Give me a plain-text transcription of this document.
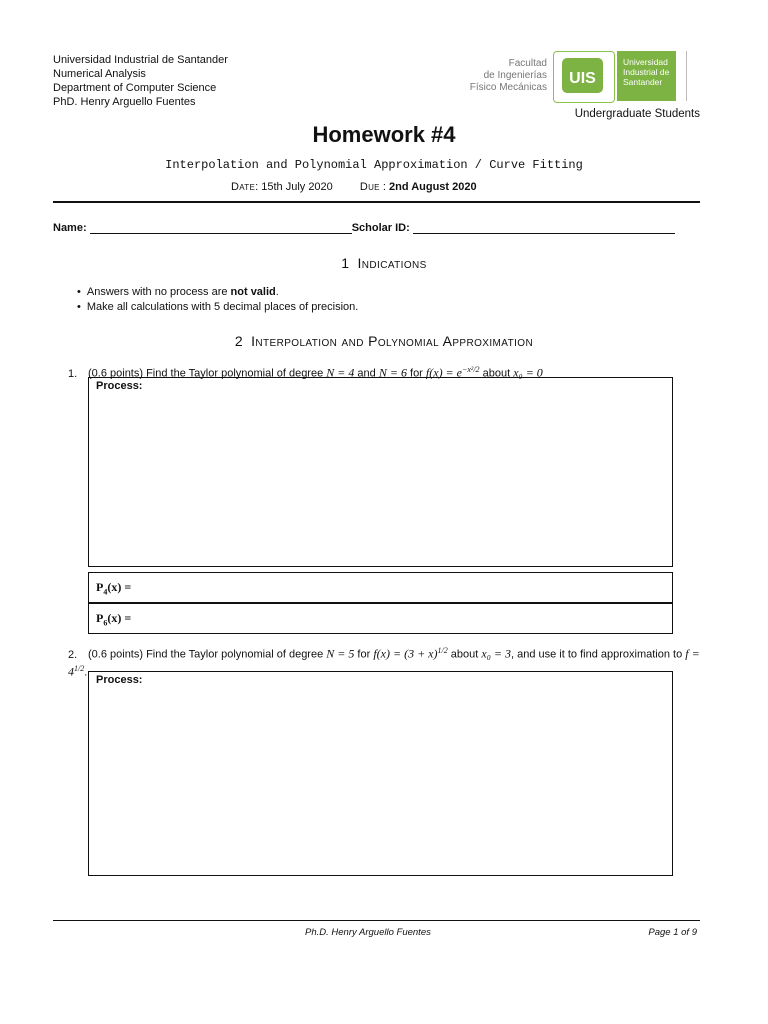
Universidad Industrial de Santander
Numerical Analysis
Department of Computer Science
PhD. Henry Arguello Fuentes
Facultad
de Ingenierías
Físico Mecánicas
UIS
Universidad
Industrial de
Santander
Undergraduate Students
Homework #4
Interpolation and Polynomial Approximation / Curve Fitting
Date: 15th July 2020 Due : 2nd August 2020
Name:	Scholar ID:
1 Indications
• Answers with no process are not valid.
• Make all calculations with 5 decimal places of precision.
2 Interpolation and Polynomial Approximation
1. (0.6 points) Find the Taylor polynomial of degree N = 4 and N = 6 for $f(x) = e^{-x^2/2}$ about x₀ = 0
Process:
$P_4(x)$ =
$P_6(x)$ =
2. (0.6 points) Find the Taylor polynomial of degree N = 5 for $f(x) = (3 + x)^{1/2}$ about x₀ = 3, and use it to find approximation to $f = 4^{1/2}$.
Process:
Ph.D. Henry Arguello Fuentes	Page 1 of 9
